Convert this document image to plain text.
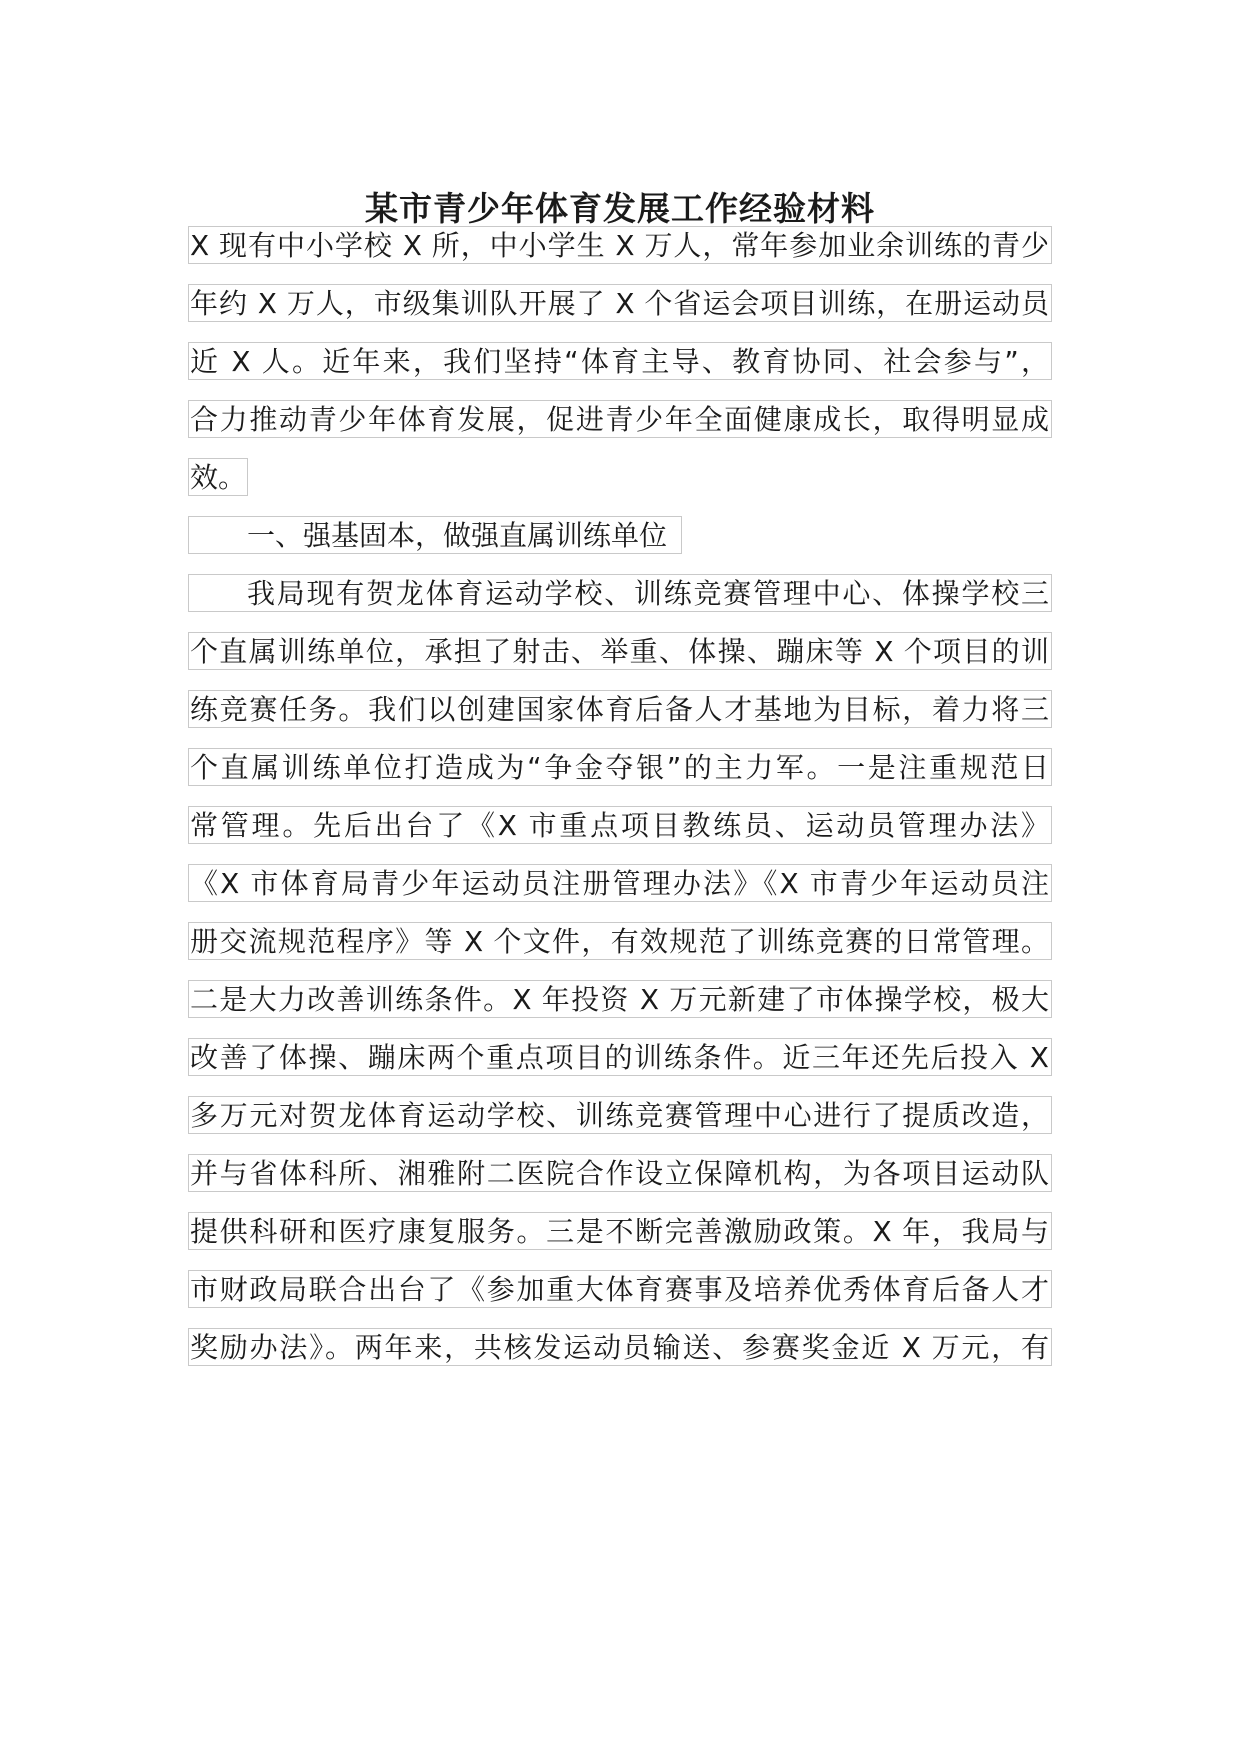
某市青少年体育发展工作经验材料
X 现有中小学校 X 所，中小学生 X 万人，常年参加业余训练的青少
年约 X 万人，市级集训队开展了 X 个省运会项目训练，在册运动员
近 X 人。近年来，我们坚持“体育主导、教育协同、社会参与”，
合力推动青少年体育发展，促进青少年全面健康成长，取得明显成
效。
一、强基固本，做强直属训练单位
我局现有贺龙体育运动学校、训练竞赛管理中心、体操学校三
个直属训练单位，承担了射击、举重、体操、蹦床等 X 个项目的训
练竞赛任务。我们以创建国家体育后备人才基地为目标，着力将三
个直属训练单位打造成为“争金夺银”的主力军。一是注重规范日
常管理。先后出台了《X 市重点项目教练员、运动员管理办法》
《X 市体育局青少年运动员注册管理办法》《X 市青少年运动员注
册交流规范程序》等 X 个文件，有效规范了训练竞赛的日常管理。
二是大力改善训练条件。X 年投资 X 万元新建了市体操学校，极大
改善了体操、蹦床两个重点项目的训练条件。近三年还先后投入 X
多万元对贺龙体育运动学校、训练竞赛管理中心进行了提质改造，
并与省体科所、湘雅附二医院合作设立保障机构，为各项目运动队
提供科研和医疗康复服务。三是不断完善激励政策。X 年，我局与
市财政局联合出台了《参加重大体育赛事及培养优秀体育后备人才
奖励办法》。两年来，共核发运动员输送、参赛奖金近 X 万元，有
